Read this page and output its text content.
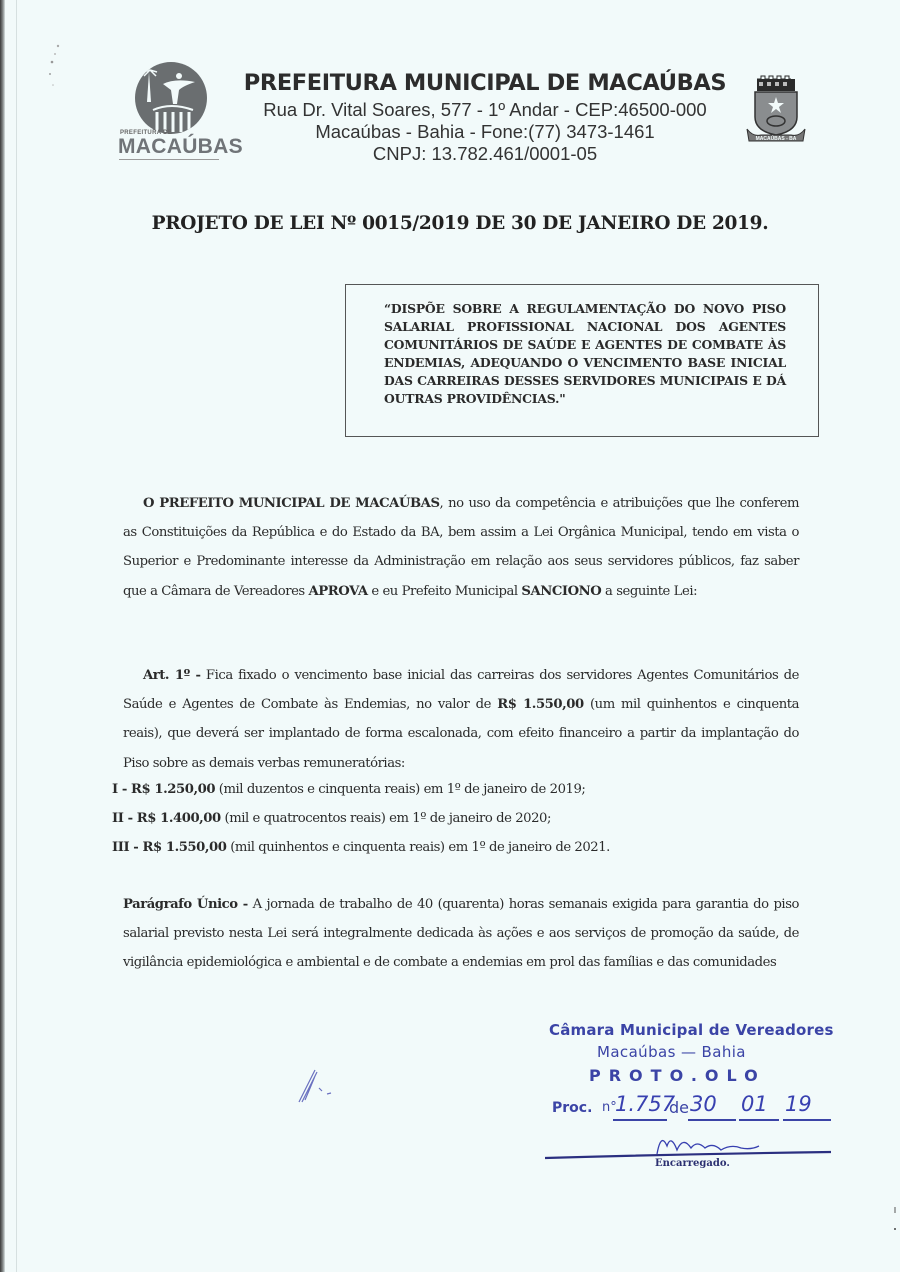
PREFEITURA DE
MACAÚBAS
PREFEITURA MUNICIPAL DE MACAÚBAS
Rua Dr. Vital Soares, 577 - 1º Andar - CEP:46500-000
Macaúbas - Bahia - Fone:(77) 3473-1461
CNPJ: 13.782.461/0001-05
MACAÚBAS - BA
PROJETO DE LEI Nº 0015/2019 DE 30 DE JANEIRO DE 2019.
“DISPÕE SOBRE A REGULAMENTAÇÃO DO NOVO PISO SALARIAL PROFISSIONAL NACIONAL DOS AGENTES COMUNITÁRIOS DE SAÚDE E AGENTES DE COMBATE ÀS ENDEMIAS, ADEQUANDO O VENCIMENTO BASE INICIAL DAS CARREIRAS DESSES SERVIDORES MUNICIPAIS E DÁ OUTRAS PROVIDÊNCIAS."
O PREFEITO MUNICIPAL DE MACAÚBAS, no uso da competência e atribuições que lhe conferem as Constituições da República e do Estado da BA, bem assim a Lei Orgânica Municipal, tendo em vista o Superior e Predominante interesse da Administração em relação aos seus servidores públicos, faz saber que a Câmara de Vereadores APROVA e eu Prefeito Municipal SANCIONO a seguinte Lei:
Art. 1º - Fica fixado o vencimento base inicial das carreiras dos servidores Agentes Comunitários de Saúde e Agentes de Combate às Endemias, no valor de R$ 1.550,00 (um mil quinhentos e cinquenta reais), que deverá ser implantado de forma escalonada, com efeito financeiro a partir da implantação do Piso sobre as demais verbas remuneratórias:
I - R$ 1.250,00 (mil duzentos e cinquenta reais) em 1º de janeiro de 2019;
II - R$ 1.400,00 (mil e quatrocentos reais) em 1º de janeiro de 2020;
III - R$ 1.550,00 (mil quinhentos e cinquenta reais) em 1º de janeiro de 2021.
Parágrafo Único - A jornada de trabalho de 40 (quarenta) horas semanais exigida para garantia do piso salarial previsto nesta Lei será integralmente dedicada às ações e aos serviços de promoção da saúde, de vigilância epidemiológica e ambiental e de combate a endemias em prol das famílias e das comunidades
Câmara Municipal de Vereadores
Macaúbas — Bahia
PROTO.OLO
Proc. n°
1.757
de 30 01 19
Encarregado.
